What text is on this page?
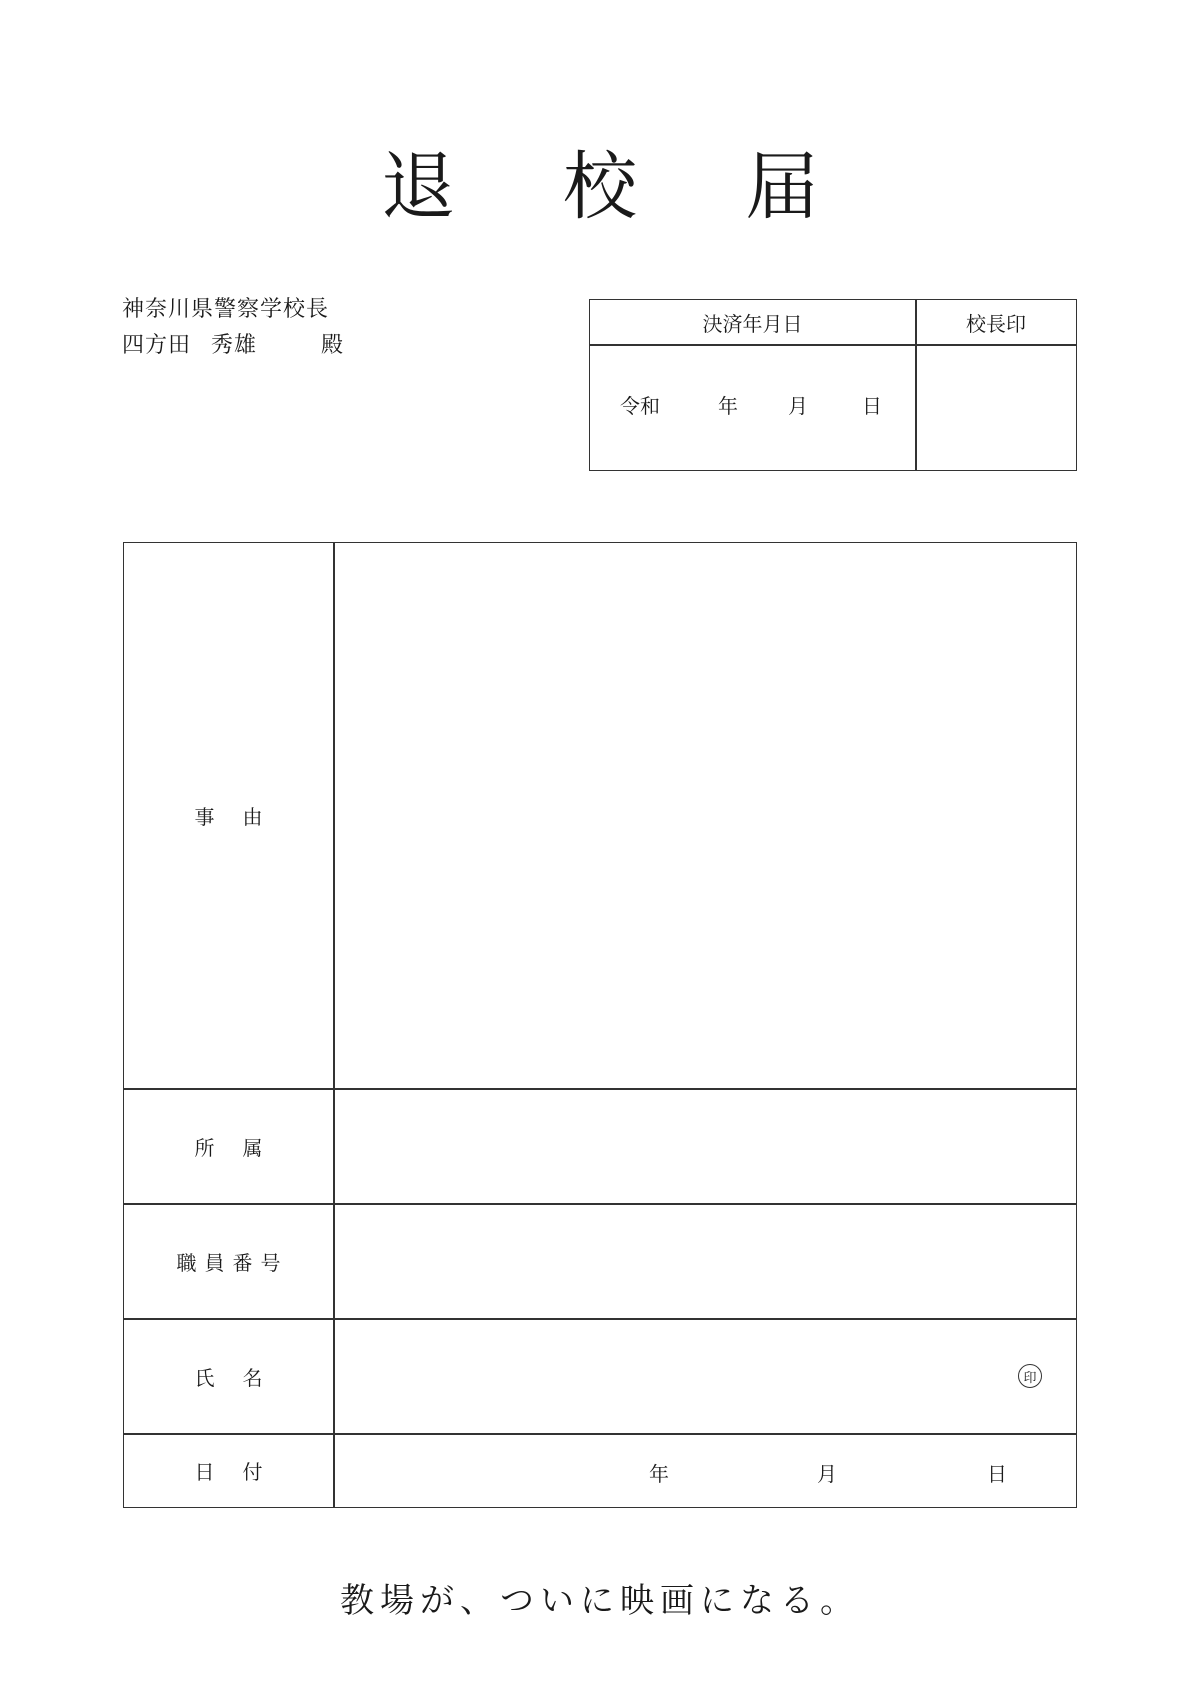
退 校 届
神奈川県警察学校長
四方田 秀雄	殿
決済年月日	校長印
令和	年	月	日
事 由
所 属
職 員 番 号
氏 名	印
日 付	年	月	日
教場が、ついに映画になる。
